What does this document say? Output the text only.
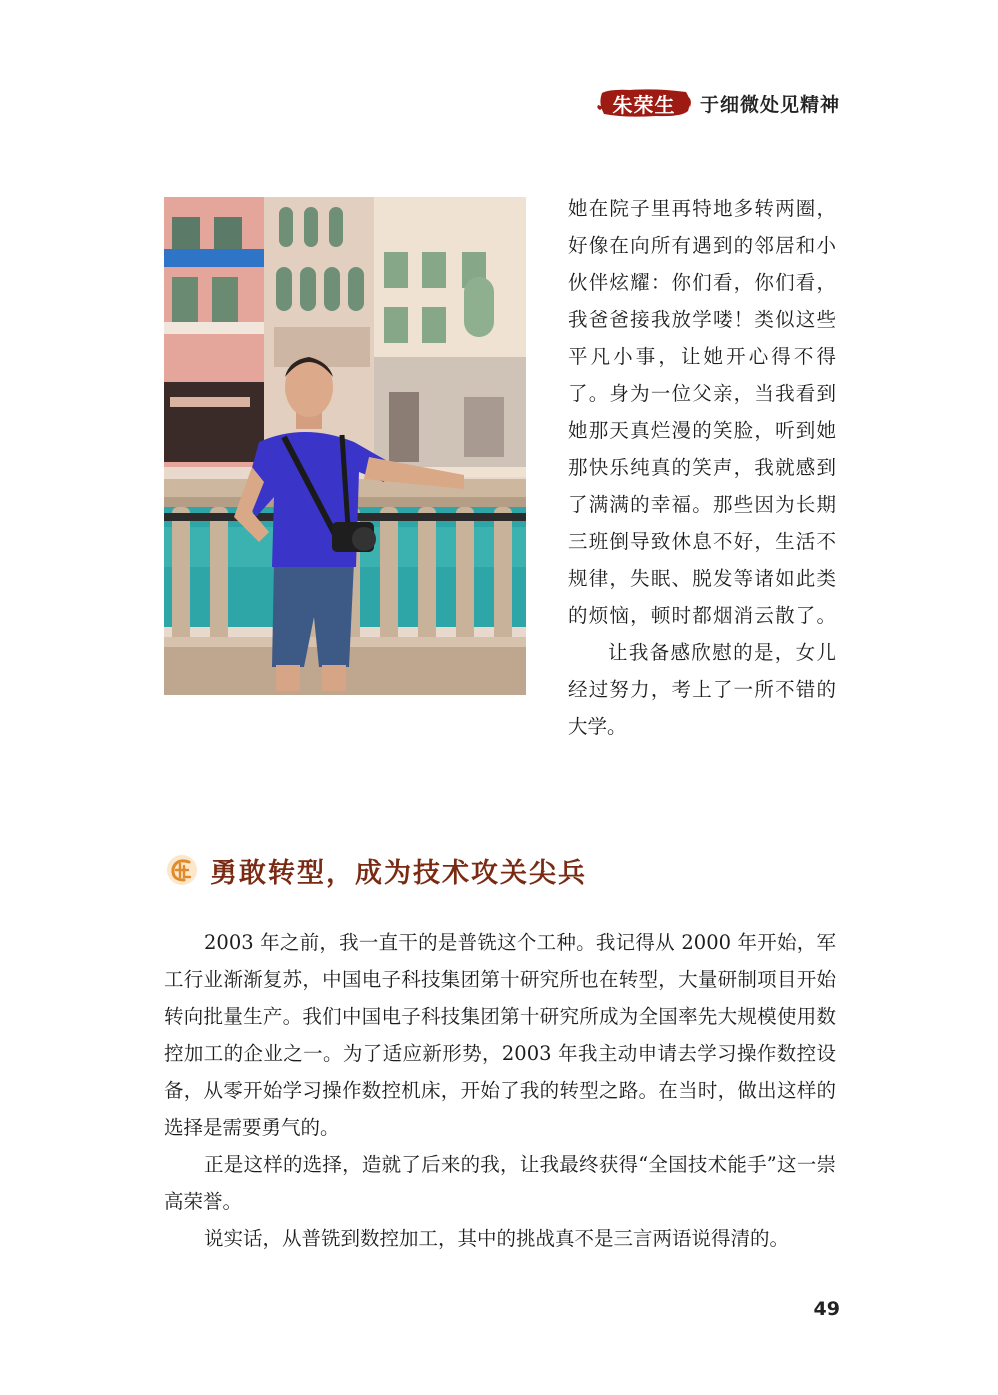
朱荣生 于细微处见精神

她在院子里再特地多转两圈，好像在向所有遇到的邻居和小伙伴炫耀：你们看，你们看，我爸爸接我放学喽！类似这些平凡小事，让她开心得不得了。身为一位父亲，当我看到她那天真烂漫的笑脸，听到她那快乐纯真的笑声，我就感到了满满的幸福。那些因为长期三班倒导致休息不好，生活不规律，失眠、脱发等诸如此类的烦恼，顿时都烟消云散了。

让我备感欣慰的是，女儿经过努力，考上了一所不错的大学。

勇敢转型，成为技术攻关尖兵

2003 年之前，我一直干的是普铣这个工种。我记得从 2000 年开始，军工行业渐渐复苏，中国电子科技集团第十研究所也在转型，大量研制项目开始转向批量生产。我们中国电子科技集团第十研究所成为全国率先大规模使用数控加工的企业之一。为了适应新形势，2003 年我主动申请去学习操作数控设备，从零开始学习操作数控机床，开始了我的转型之路。在当时，做出这样的选择是需要勇气的。

正是这样的选择，造就了后来的我，让我最终获得“全国技术能手”这一崇高荣誉。

说实话，从普铣到数控加工，其中的挑战真不是三言两语说得清的。

49
